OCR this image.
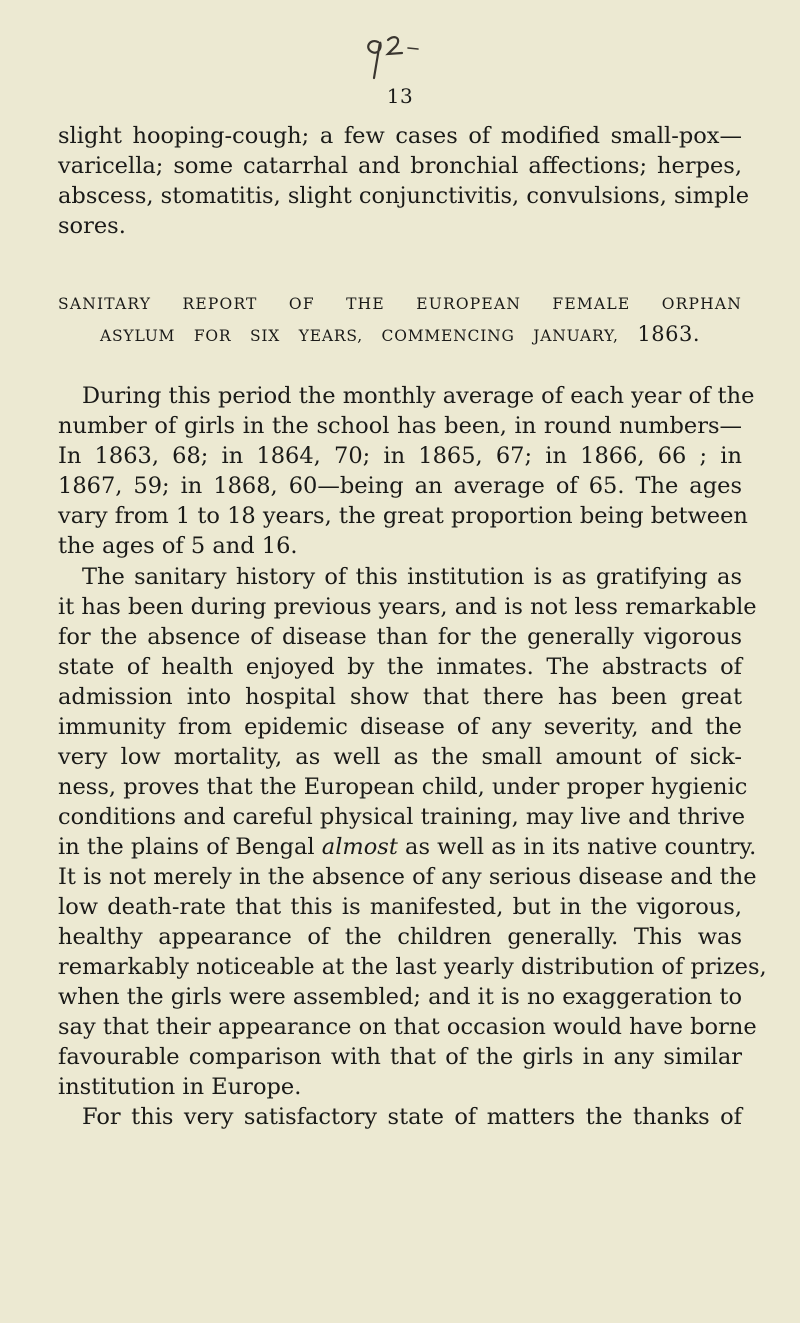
13
slight hooping-cough; a few cases of modified small-pox—
varicella; some catarrhal and bronchial affections; herpes,
abscess, stomatitis, slight conjunctivitis, convulsions, simple
sores.
SANITARY REPORT OF THE EUROPEAN FEMALE ORPHAN
ASYLUM FOR SIX YEARS, COMMENCING JANUARY, 1863.
During this period the monthly average of each year of the
number of girls in the school has been, in round numbers—
In 1863, 68; in 1864, 70; in 1865, 67; in 1866, 66 ; in
1867, 59; in 1868, 60—being an average of 65. The ages
vary from 1 to 18 years, the great proportion being between
the ages of 5 and 16.
The sanitary history of this institution is as gratifying as
it has been during previous years, and is not less remarkable
for the absence of disease than for the generally vigorous
state of health enjoyed by the inmates. The abstracts of
admission into hospital show that there has been great
immunity from epidemic disease of any severity, and the
very low mortality, as well as the small amount of sick-
ness, proves that the European child, under proper hygienic
conditions and careful physical training, may live and thrive
in the plains of Bengal almost as well as in its native country.
It is not merely in the absence of any serious disease and the
low death-rate that this is manifested, but in the vigorous,
healthy appearance of the children generally. This was
remarkably noticeable at the last yearly distribution of prizes,
when the girls were assembled; and it is no exaggeration to
say that their appearance on that occasion would have borne
favourable comparison with that of the girls in any similar
institution in Europe.
For this very satisfactory state of matters the thanks of
